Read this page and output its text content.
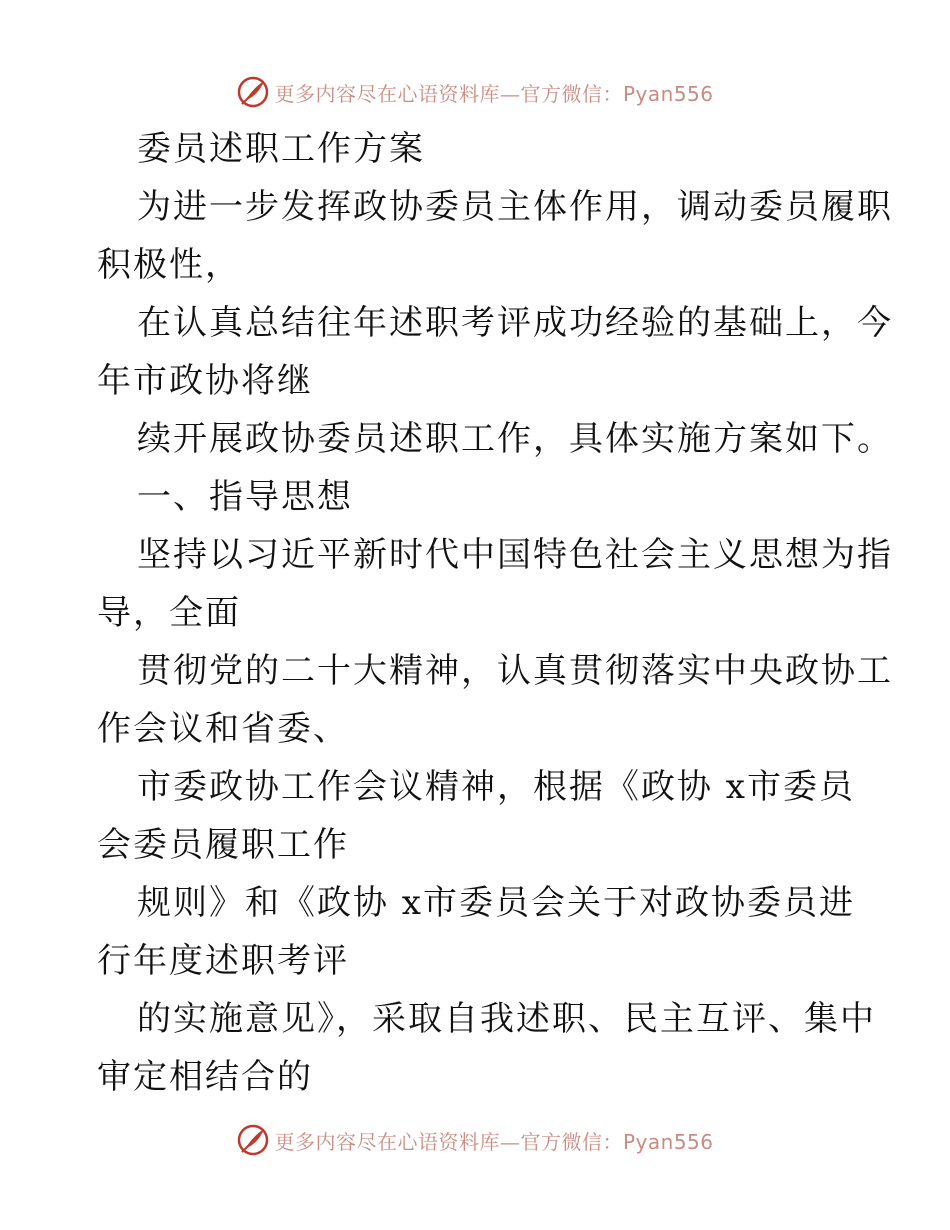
更多内容尽在心语资料库—官方微信：Pyan556
委员述职工作方案
为进一步发挥政协委员主体作用，调动委员履职
积极性，
在认真总结往年述职考评成功经验的基础上，今
年市政协将继
续开展政协委员述职工作，具体实施方案如下。
一、指导思想
坚持以习近平新时代中国特色社会主义思想为指
导，全面
贯彻党的二十大精神，认真贯彻落实中央政协工
作会议和省委、
市委政协工作会议精神，根据《政协 x市委员
会委员履职工作
规则》和《政协 x市委员会关于对政协委员进
行年度述职考评
的实施意见》，采取自我述职、民主互评、集中
审定相结合的
更多内容尽在心语资料库—官方微信：Pyan556
